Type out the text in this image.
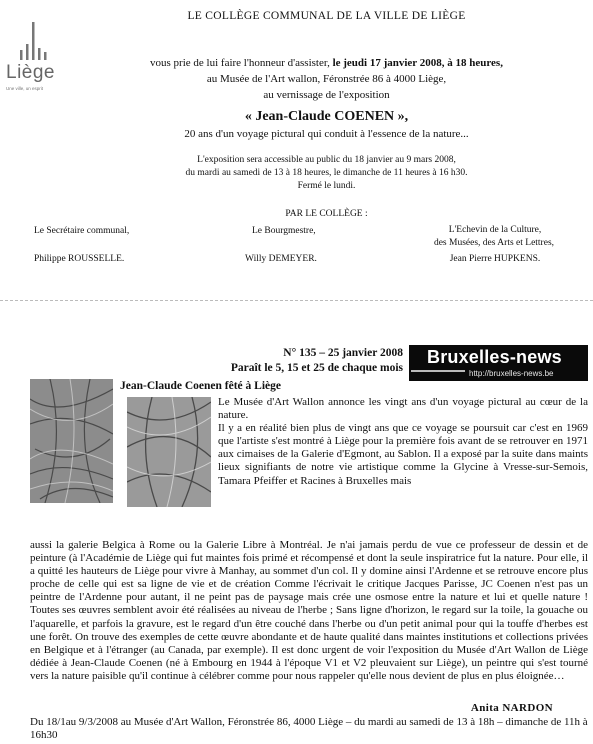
Liège
Une ville, un esprit
LE COLLÈGE COMMUNAL DE LA VILLE DE LIÈGE
vous prie de lui faire l'honneur d'assister, le jeudi 17 janvier 2008, à 18 heures,
au Musée de l'Art wallon, Féronstrée 86 à 4000 Liège,
au vernissage de l'exposition
« Jean-Claude COENEN »,
20 ans d'un voyage pictural qui conduit à l'essence de la nature...
L'exposition sera accessible au public du 18 janvier au 9 mars 2008,
du mardi au samedi de 13 à 18 heures, le dimanche de 11 heures à 16 h30.
Fermé le lundi.
PAR LE COLLÈGE :
Le Secrétaire communal,
Philippe ROUSSELLE.
Le Bourgmestre,
Willy DEMEYER.
L'Echevin de la Culture,
des Musées, des Arts et Lettres,
Jean Pierre HUPKENS.
N° 135 – 25 janvier 2008
Paraît le 5, 15 et 25 de chaque mois
Bruxelles-news
http://bruxelles-news.be
Jean-Claude Coenen fêté à Liège

Le Musée d'Art Wallon annonce les vingt ans d'un voyage pictural au cœur de la nature.

Il y a en réalité bien plus de vingt ans que ce voyage se poursuit car c'est en 1969 que l'artiste s'est montré à Liège pour la première fois avant de se retrouver en 1971 aux cimaises de la Galerie d'Egmont, au Sablon. Il a exposé par la suite dans maints lieux signifiants de notre vie artistique comme la Glycine à Vresse-sur-Semois, Tamara Pfeiffer et Racines à Bruxelles mais

aussi la galerie Belgica à Rome ou la Galerie Libre à Montréal. Je n'ai jamais perdu de vue ce professeur de dessin et de peinture (à l'Académie de Liège qui fut maintes fois primé et récompensé et dont la seule inspiratrice fut la nature. Pour elle, il a quitté les hauteurs de Liège pour vivre à Manhay, au sommet d'un col. Il y domine ainsi l'Ardenne et se retrouve encore plus proche de celle qui est sa ligne de vie et de création Comme l'écrivait le critique Jacques Parisse, JC Coenen n'est pas un peintre de l'Ardenne pour autant, il ne peint pas de paysage mais crée une osmose entre la nature et lui et quelle nature ! Toutes ses œuvres semblent avoir été réalisées au niveau de l'herbe ; Sans ligne d'horizon, le regard sur la toile, la gouache ou l'aquarelle, et parfois la gravure, est le regard d'un être couché dans l'herbe ou d'un petit animal pour qui la touffe d'herbes est une forêt. On trouve des exemples de cette œuvre abondante et de haute qualité dans maintes institutions et collections privées en Belgique et à l'étranger (au Canada, par exemple). Il est donc urgent de voir l'exposition du Musée d'Art Wallon de Liège dédiée à Jean-Claude Coenen (né à Embourg en 1944 à l'époque V1 et V2 pleuvaient sur Liège), un peintre qui s'est tourné vers la nature paisible qu'il continue à célébrer comme pour nous rappeler qu'elle nous devient de plus en plus éloignée…

Anita NARDON
Du 18/1au 9/3/2008 au Musée d'Art Wallon, Féronstrée 86, 4000 Liège – du mardi au samedi de 13 à 18h – dimanche de 11h à 16h30
